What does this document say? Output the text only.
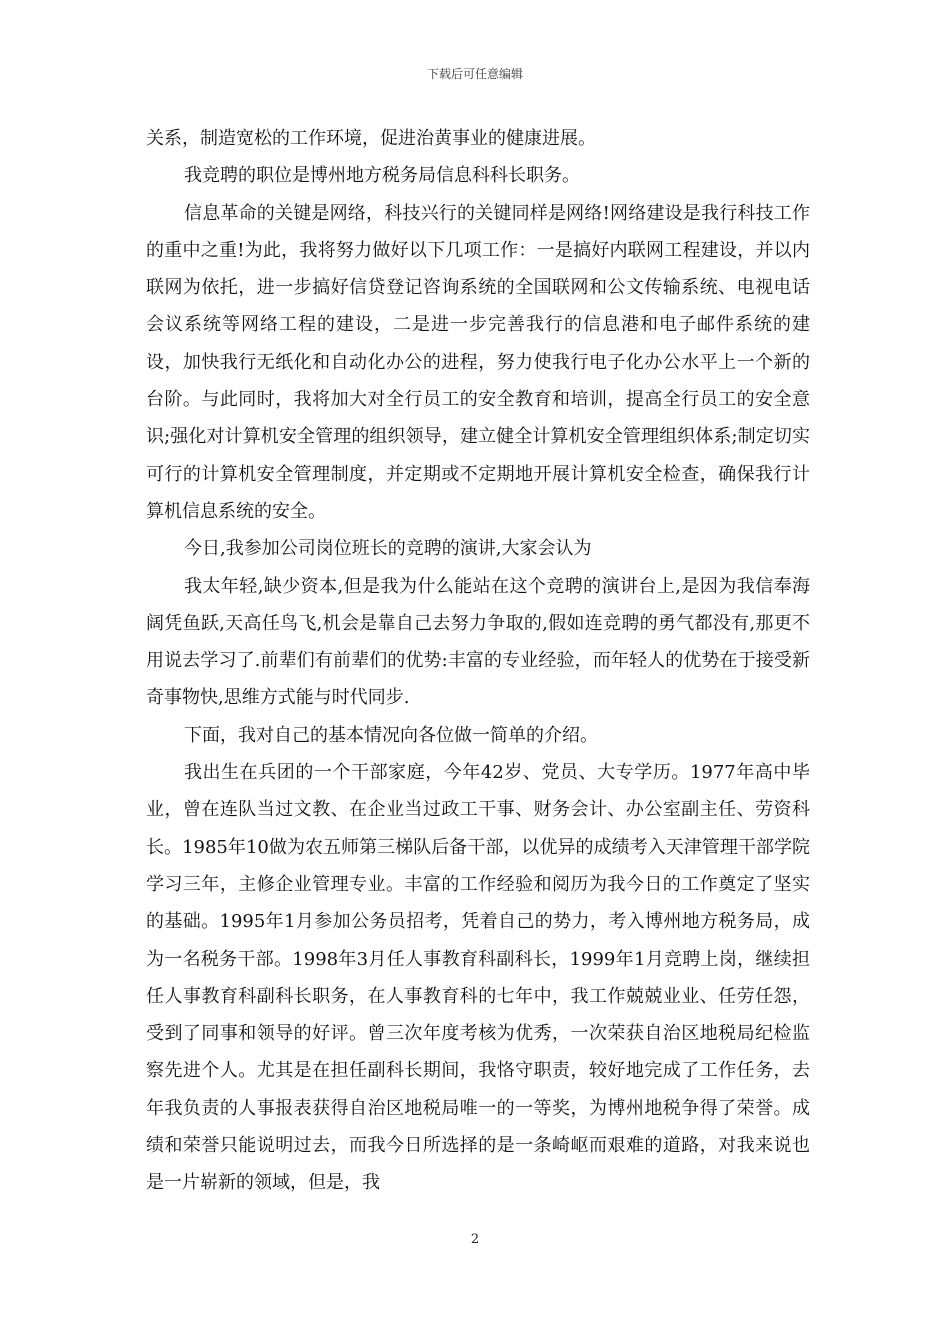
下载后可任意编辑

关系，制造宽松的工作环境，促进治黄事业的健康进展。

我竞聘的职位是博州地方税务局信息科科长职务。

信息革命的关键是网络，科技兴行的关键同样是网络!网络建设是我行科技工作的重中之重!为此，我将努力做好以下几项工作：一是搞好内联网工程建设，并以内联网为依托，进一步搞好信贷登记咨询系统的全国联网和公文传输系统、电视电话会议系统等网络工程的建设，二是进一步完善我行的信息港和电子邮件系统的建设，加快我行无纸化和自动化办公的进程，努力使我行电子化办公水平上一个新的台阶。与此同时，我将加大对全行员工的安全教育和培训，提高全行员工的安全意识;强化对计算机安全管理的组织领导，建立健全计算机安全管理组织体系;制定切实可行的计算机安全管理制度，并定期或不定期地开展计算机安全检查，确保我行计算机信息系统的安全。

今日,我参加公司岗位班长的竞聘的演讲,大家会认为

我太年轻,缺少资本,但是我为什么能站在这个竞聘的演讲台上,是因为我信奉海阔凭鱼跃,天高任鸟飞,机会是靠自己去努力争取的,假如连竞聘的勇气都没有,那更不用说去学习了.前辈们有前辈们的优势:丰富的专业经验，而年轻人的优势在于接受新奇事物快,思维方式能与时代同步.

下面，我对自己的基本情况向各位做一简单的介绍。

我出生在兵团的一个干部家庭，今年42岁、党员、大专学历。1977年高中毕业，曾在连队当过文教、在企业当过政工干事、财务会计、办公室副主任、劳资科长。1985年10做为农五师第三梯队后备干部，以优异的成绩考入天津管理干部学院学习三年，主修企业管理专业。丰富的工作经验和阅历为我今日的工作奠定了坚实的基础。1995年1月参加公务员招考，凭着自己的势力，考入博州地方税务局，成为一名税务干部。1998年3月任人事教育科副科长，1999年1月竞聘上岗，继续担任人事教育科副科长职务，在人事教育科的七年中，我工作兢兢业业、任劳任怨，受到了同事和领导的好评。曾三次年度考核为优秀，一次荣获自治区地税局纪检监察先进个人。尤其是在担任副科长期间，我恪守职责，较好地完成了工作任务，去年我负责的人事报表获得自治区地税局唯一的一等奖，为博州地税争得了荣誉。成绩和荣誉只能说明过去，而我今日所选择的是一条崎岖而艰难的道路，对我来说也是一片崭新的领域，但是，我

2
